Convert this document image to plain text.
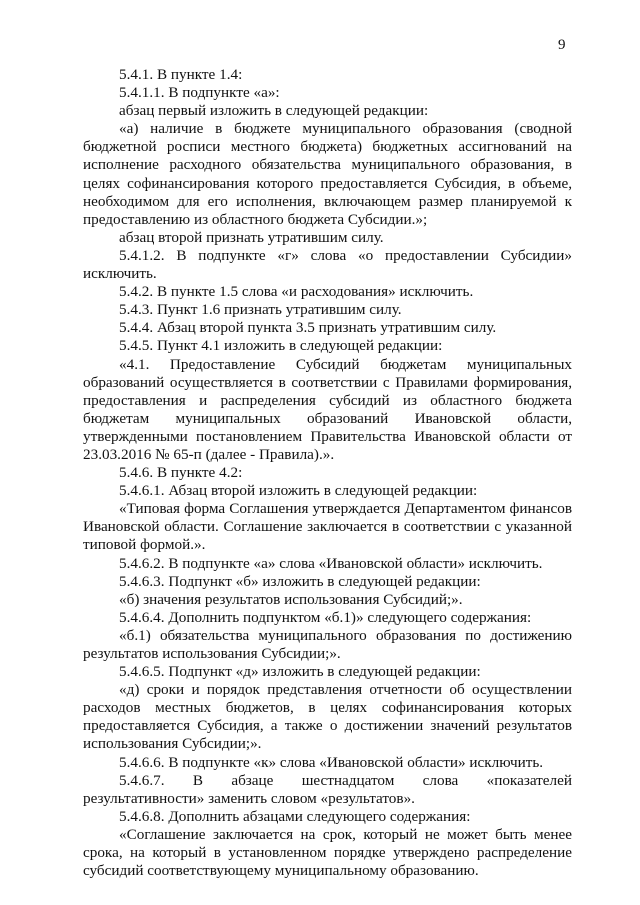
9

5.4.1. В пункте 1.4:

5.4.1.1. В подпункте «а»:

абзац первый изложить в следующей редакции:

«а) наличие в бюджете муниципального образования (сводной бюджетной росписи местного бюджета) бюджетных ассигнований на исполнение расходного обязательства муниципального образования, в целях софинансирования которого предоставляется Субсидия, в объеме, необходимом для его исполнения, включающем размер планируемой к предоставлению из областного бюджета Субсидии.»;

абзац второй признать утратившим силу.

5.4.1.2. В подпункте «г» слова «о предоставлении Субсидии» исключить.

5.4.2. В пункте 1.5 слова «и расходования» исключить.

5.4.3. Пункт 1.6 признать утратившим силу.

5.4.4. Абзац второй пункта 3.5 признать утратившим силу.

5.4.5. Пункт 4.1 изложить в следующей редакции:

«4.1. Предоставление Субсидий бюджетам муниципальных образований осуществляется в соответствии с Правилами формирования, предоставления и распределения субсидий из областного бюджета бюджетам муниципальных образований Ивановской области, утвержденными постановлением Правительства Ивановской области от 23.03.2016 № 65-п (далее - Правила).».

5.4.6. В пункте 4.2:

5.4.6.1. Абзац второй изложить в следующей редакции:

«Типовая форма Соглашения утверждается Департаментом финансов Ивановской области. Соглашение заключается в соответствии с указанной типовой формой.».

5.4.6.2. В подпункте «а» слова «Ивановской области» исключить.

5.4.6.3. Подпункт «б» изложить в следующей редакции:

«б) значения результатов использования Субсидий;».

5.4.6.4. Дополнить подпунктом «б.1)» следующего содержания:

«б.1) обязательства муниципального образования по достижению результатов использования Субсидии;».

5.4.6.5. Подпункт «д» изложить в следующей редакции:

«д) сроки и порядок представления отчетности об осуществлении расходов местных бюджетов, в целях софинансирования которых предоставляется Субсидия, а также о достижении значений результатов использования Субсидии;».

5.4.6.6. В подпункте «к» слова «Ивановской области» исключить.

5.4.6.7. В абзаце шестнадцатом слова «показателей результативности» заменить словом «результатов».

5.4.6.8. Дополнить абзацами следующего содержания:

«Соглашение заключается на срок, который не может быть менее срока, на который в установленном порядке утверждено распределение субсидий соответствующему муниципальному образованию.
